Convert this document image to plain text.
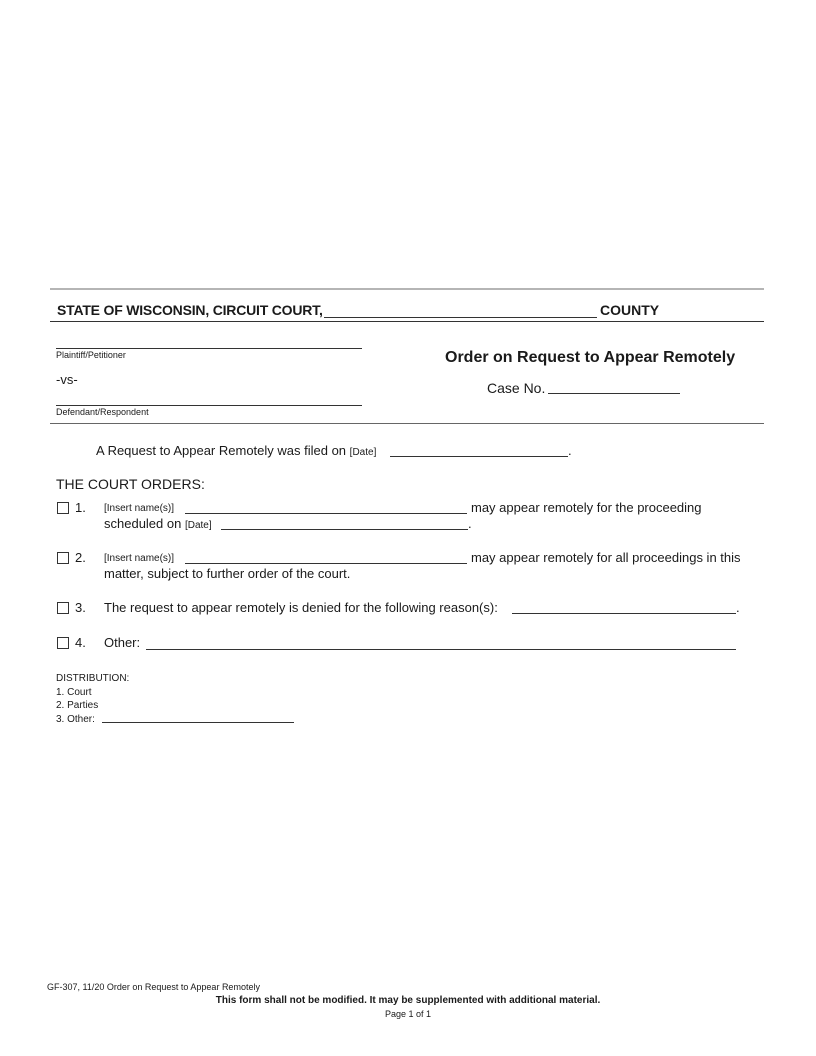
STATE OF WISCONSIN, CIRCUIT COURT,	COUNTY
Plaintiff/Petitioner
-vs-
Defendant/Respondent
Order on Request to Appear Remotely
Case No.
A Request to Appear Remotely was filed on [Date]	.
THE COURT ORDERS:
1. [Insert name(s)]	may appear remotely for the proceeding
scheduled on [Date]	.
2. [Insert name(s)]	may appear remotely for all proceedings in this
matter, subject to further order of the court.
3. The request to appear remotely is denied for the following reason(s):	.
4. Other:
DISTRIBUTION:
1. Court
2. Parties
3. Other:
GF-307, 11/20 Order on Request to Appear Remotely
This form shall not be modified. It may be supplemented with additional material.
Page 1 of 1
